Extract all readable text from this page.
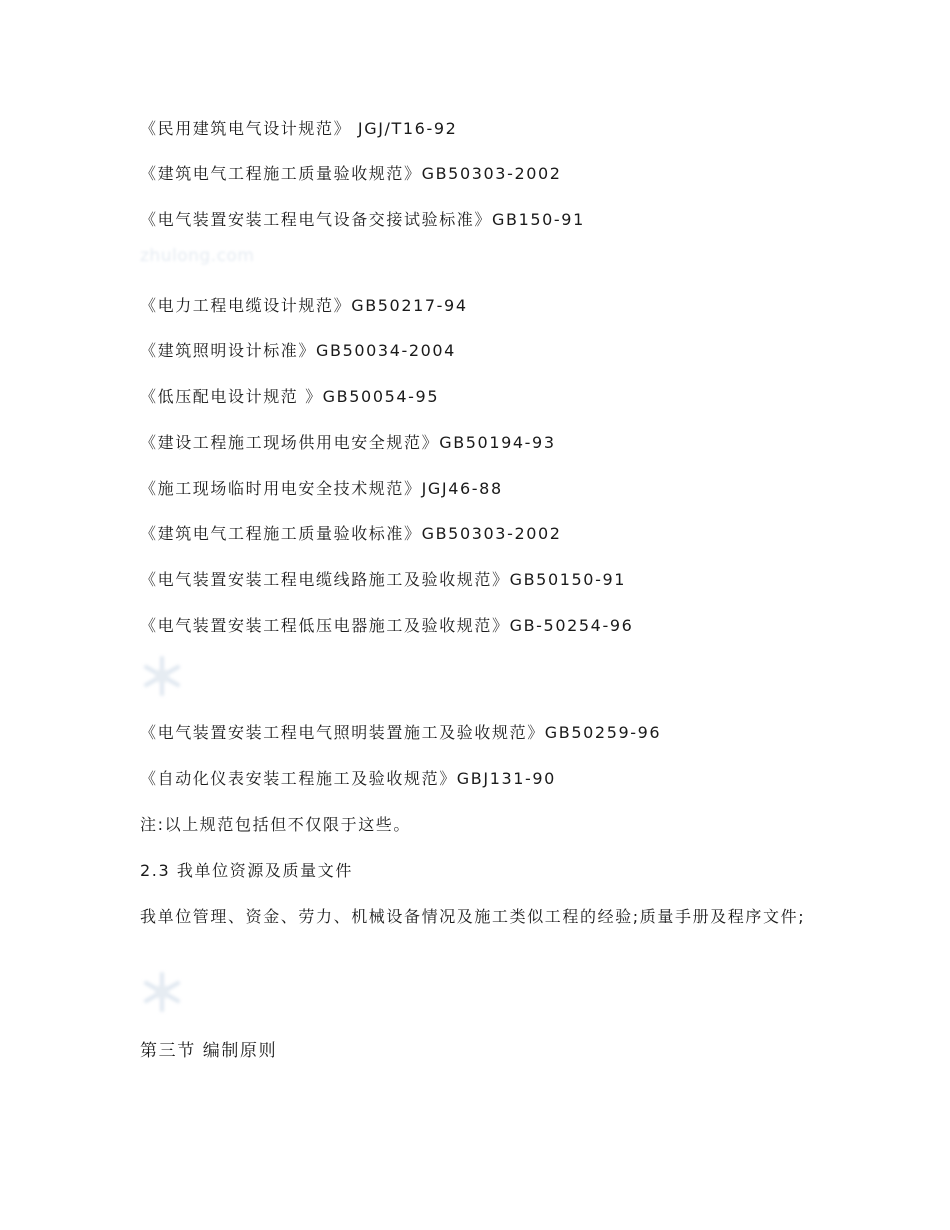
《民用建筑电气设计规范》 JGJ/T16-92
《建筑电气工程施工质量验收规范》GB50303-2002
《电气装置安装工程电气设备交接试验标准》GB150-91
zhulong.com
《电力工程电缆设计规范》GB50217-94
《建筑照明设计标准》GB50034-2004
《低压配电设计规范 》GB50054-95
《建设工程施工现场供用电安全规范》GB50194-93
《施工现场临时用电安全技术规范》JGJ46-88
《建筑电气工程施工质量验收标准》GB50303-2002
《电气装置安装工程电缆线路施工及验收规范》GB50150-91
《电气装置安装工程低压电器施工及验收规范》GB-50254-96
《电气装置安装工程电气照明装置施工及验收规范》GB50259-96
《自动化仪表安装工程施工及验收规范》GBJ131-90
注:以上规范包括但不仅限于这些。
2.3 我单位资源及质量文件
我单位管理、资金、劳力、机械设备情况及施工类似工程的经验;质量手册及程序文件;
第三节 编制原则
